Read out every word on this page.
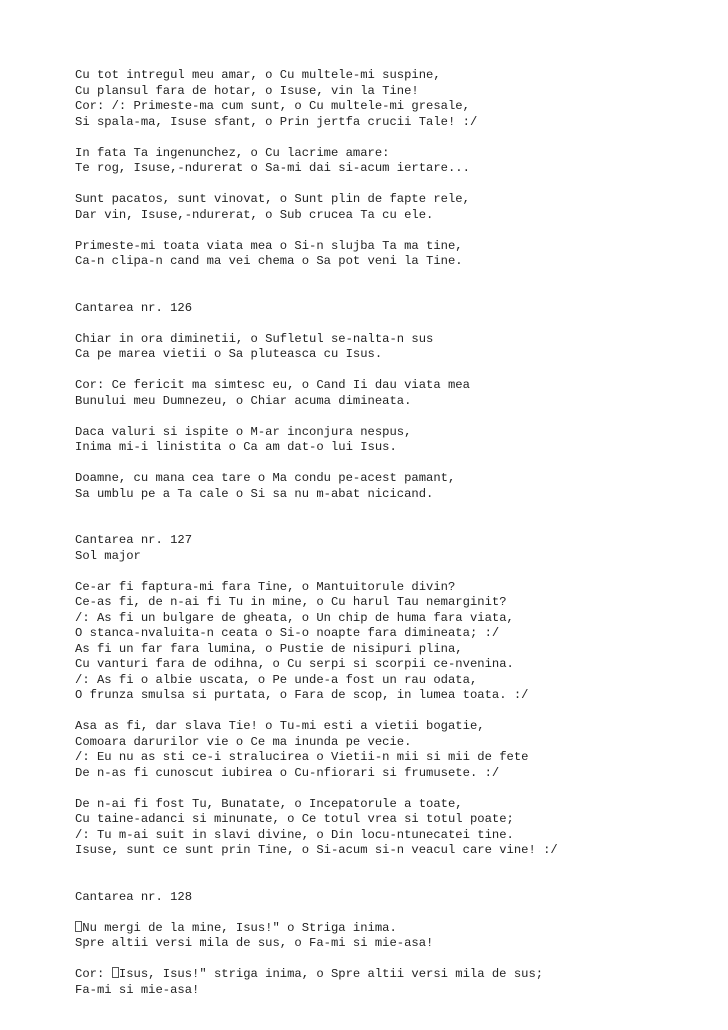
Cu tot intregul meu amar, o Cu multele-mi suspine,
Cu plansul fara de hotar, o Isuse, vin la Tine!
Cor: /: Primeste-ma cum sunt, o Cu multele-mi gresale,
Si spala-ma, Isuse sfant, o Prin jertfa crucii Tale! :/
In fata Ta ingenunchez, o Cu lacrime amare:
Te rog, Isuse,-ndurerat o Sa-mi dai si-acum iertare...
Sunt pacatos, sunt vinovat, o Sunt plin de fapte rele,
Dar vin, Isuse,-ndurerat, o Sub crucea Ta cu ele.
Primeste-mi toata viata mea o Si-n slujba Ta ma tine,
Ca-n clipa-n cand ma vei chema o Sa pot veni la Tine.
Cantarea nr. 126
Chiar in ora diminetii, o Sufletul se-nalta-n sus
Ca pe marea vietii o Sa pluteasca cu Isus.
Cor: Ce fericit ma simtesc eu, o Cand Ii dau viata mea
Bunului meu Dumnezeu, o Chiar acuma dimineata.
Daca valuri si ispite o M-ar inconjura nespus,
Inima mi-i linistita o Ca am dat-o lui Isus.
Doamne, cu mana cea tare o Ma condu pe-acest pamant,
Sa umblu pe a Ta cale o Si sa nu m-abat nicicand.
Cantarea nr. 127
Sol major
Ce-ar fi faptura-mi fara Tine, o Mantuitorule divin?
Ce-as fi, de n-ai fi Tu in mine, o Cu harul Tau nemarginit?
/: As fi un bulgare de gheata, o Un chip de huma fara viata,
O stanca-nvaluita-n ceata o Si-o noapte fara dimineata; :/
As fi un far fara lumina, o Pustie de nisipuri plina,
Cu vanturi fara de odihna, o Cu serpi si scorpii ce-nvenina.
/: As fi o albie uscata, o Pe unde-a fost un rau odata,
O frunza smulsa si purtata, o Fara de scop, in lumea toata. :/
Asa as fi, dar slava Tie! o Tu-mi esti a vietii bogatie,
Comoara darurilor vie o Ce ma inunda pe vecie.
/: Eu nu as sti ce-i stralucirea o Vietii-n mii si mii de fete
De n-as fi cunoscut iubirea o Cu-nfiorari si frumusete. :/
De n-ai fi fost Tu, Bunatate, o Incepatorule a toate,
Cu taine-adanci si minunate, o Ce totul vrea si totul poate;
/: Tu m-ai suit in slavi divine, o Din locu-ntunecatei tine.
Isuse, sunt ce sunt prin Tine, o Si-acum si-n veacul care vine! :/
Cantarea nr. 128
Nu mergi de la mine, Isus!" o Striga inima.
Spre altii versi mila de sus, o Fa-mi si mie-asa!
Cor: Isus, Isus!" striga inima, o Spre altii versi mila de sus;
Fa-mi si mie-asa!
